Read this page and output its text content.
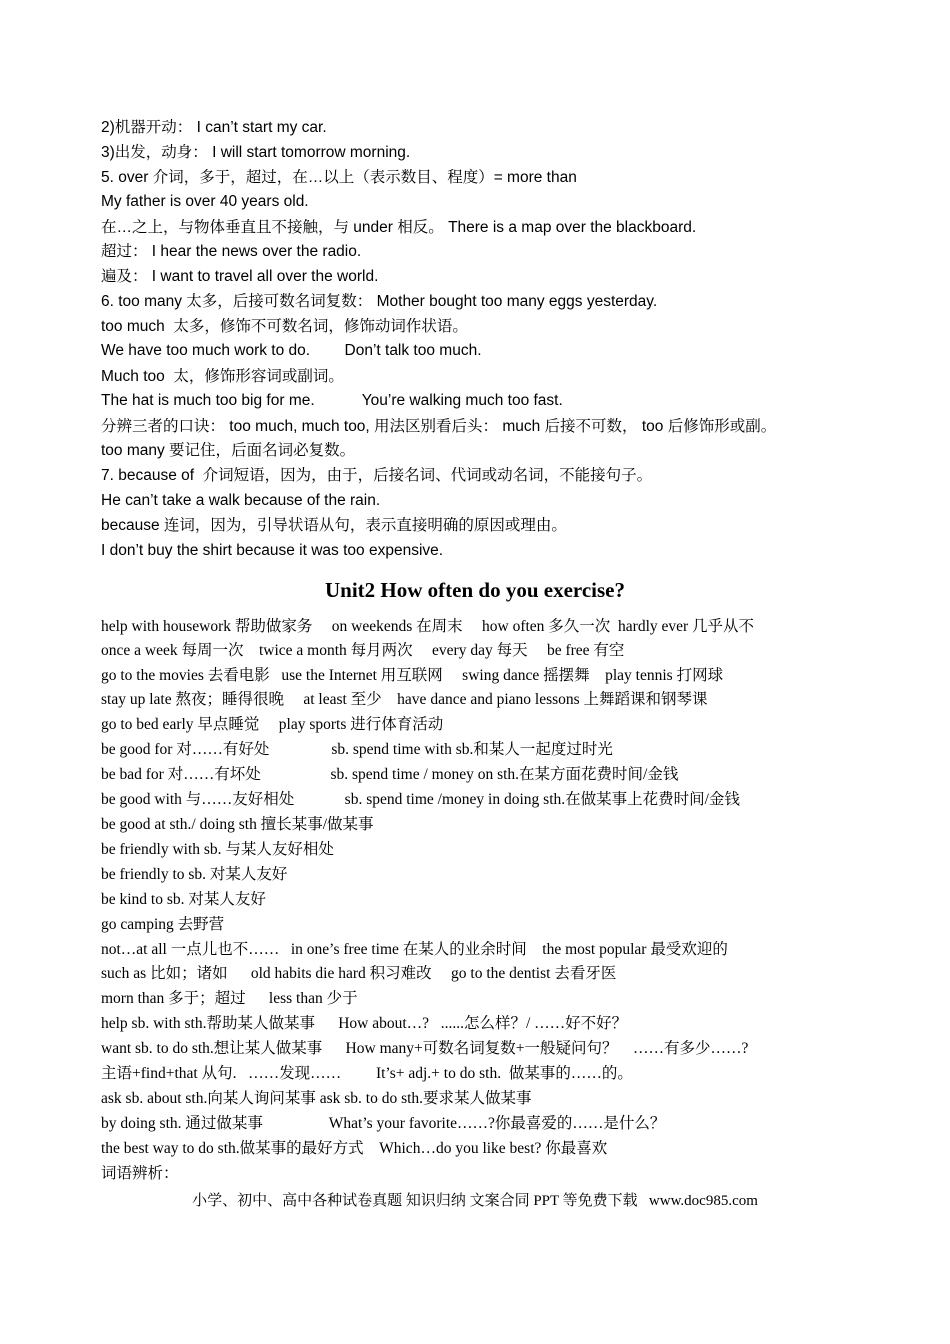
2)机器开动： I can’t start my car.
3)出发，动身： I will start tomorrow morning.
5. over 介词，多于，超过，在…以上（表示数目、程度）= more than
My father is over 40 years old.
在…之上，与物体垂直且不接触，与 under 相反。 There is a map over the blackboard.
超过： I hear the news over the radio.
遍及： I want to travel all over the world.
6. too many 太多，后接可数名词复数： Mother bought too many eggs yesterday.
too much  太多，修饰不可数名词，修饰动词作状语。
We have too much work to do.        Don’t talk too much.
Much too  太，修饰形容词或副词。
The hat is much too big for me.           You’re walking much too fast.
分辨三者的口诀： too much, much too, 用法区别看后头： much 后接不可数， too 后修饰形或副。
too many 要记住，后面名词必复数。
7. because of  介词短语，因为，由于，后接名词、代词或动名词，不能接句子。
He can’t take a walk because of the rain.
because 连词，因为，引导状语从句，表示直接明确的原因或理由。
I don’t buy the shirt because it was too expensive.
Unit2 How often do you exercise?
help with housework 帮助做家务     on weekends 在周末     how often 多久一次  hardly ever 几乎从不
once a week 每周一次    twice a month 每月两次     every day 每天     be free 有空
go to the movies 去看电影   use the Internet 用互联网     swing dance 摇摆舞    play tennis 打网球
stay up late 熬夜；睡得很晚     at least 至少    have dance and piano lessons 上舞蹈课和钢琴课
go to bed early 早点睡觉     play sports 进行体育活动
be good for 对……有好处                sb. spend time with sb.和某人一起度过时光
be bad for 对……有坏处                  sb. spend time / money on sth.在某方面花费时间/金钱
be good with 与……友好相处             sb. spend time /money in doing sth.在做某事上花费时间/金钱
be good at sth./ doing sth 擅长某事/做某事
be friendly with sb. 与某人友好相处
be friendly to sb. 对某人友好
be kind to sb. 对某人友好
go camping 去野营
not…at all 一点儿也不……   in one’s free time 在某人的业余时间    the most popular 最受欢迎的
such as 比如；诸如      old habits die hard 积习难改     go to the dentist 去看牙医
morn than 多于；超过      less than 少于
help sb. with sth.帮助某人做某事      How about…?   ......怎么样？/ ……好不好？
want sb. to do sth.想让某人做某事      How many+可数名词复数+一般疑问句？    ……有多少……?
主语+find+that 从句.   ……发现……         It’s+ adj.+ to do sth.  做某事的……的。
ask sb. about sth.向某人询问某事 ask sb. to do sth.要求某人做某事
by doing sth. 通过做某事                 What’s your favorite……?你最喜爱的……是什么？
the best way to do sth.做某事的最好方式    Which…do you like best? 你最喜欢
词语辨析：
小学、初中、高中各种试卷真题 知识归纳 文案合同 PPT 等免费下载   www.doc985.com
